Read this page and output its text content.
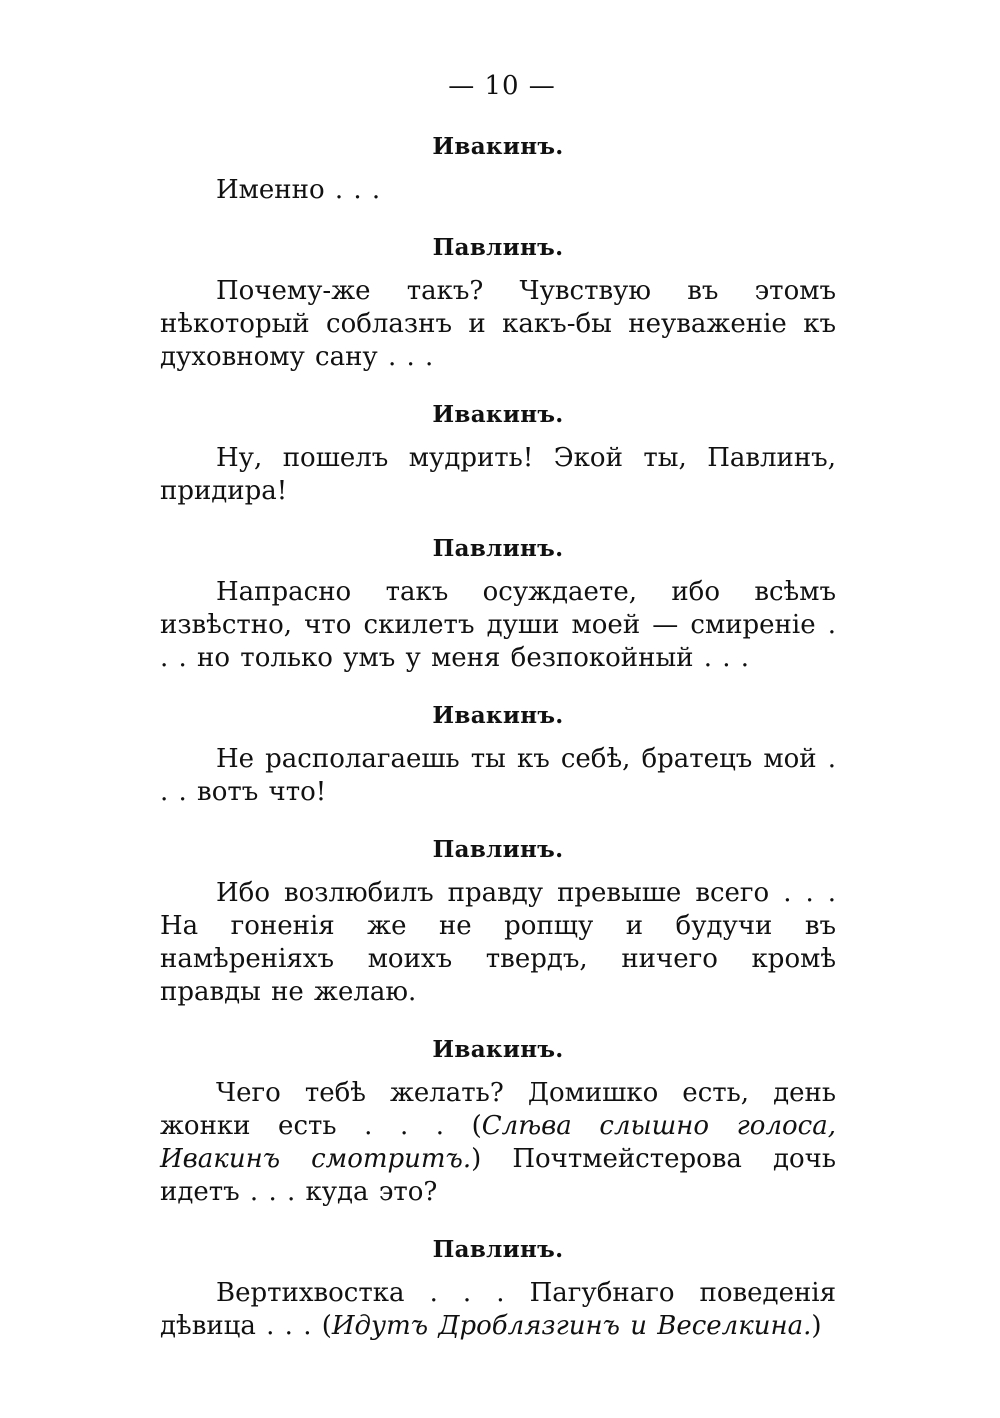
— 10 —
Ивакинъ.
Именно . . .
Павлинъ.
Почему-же такъ? Чувствую въ этомъ нѣкоторый соблазнъ и какъ-бы неуваженіе къ духовному сану . . .
Ивакинъ.
Ну, пошелъ мудрить! Экой ты, Павлинъ, придира!
Павлинъ.
Напрасно такъ осуждаете, ибо всѣмъ извѣстно, что скилетъ души моей — смиреніе . . . но только умъ у меня безпокойный . . .
Ивакинъ.
Не располагаешь ты къ себѣ, братецъ мой . . . вотъ что!
Павлинъ.
Ибо возлюбилъ правду превыше всего . . . На гоненія же не ропщу и будучи въ намѣреніяхъ моихъ твердъ, ничего кромѣ правды не желаю.
Ивакинъ.
Чего тебѣ желать? Домишко есть, день жонки есть . . . (Слѣва слышно голоса, Ивакинъ смотритъ.) Почтмейстерова дочь идетъ . . . куда это?
Павлинъ.
Вертихвостка . . . Пагубнаго поведенія дѣвица . . . (Идутъ Дроблязгинъ и Веселкина.)
